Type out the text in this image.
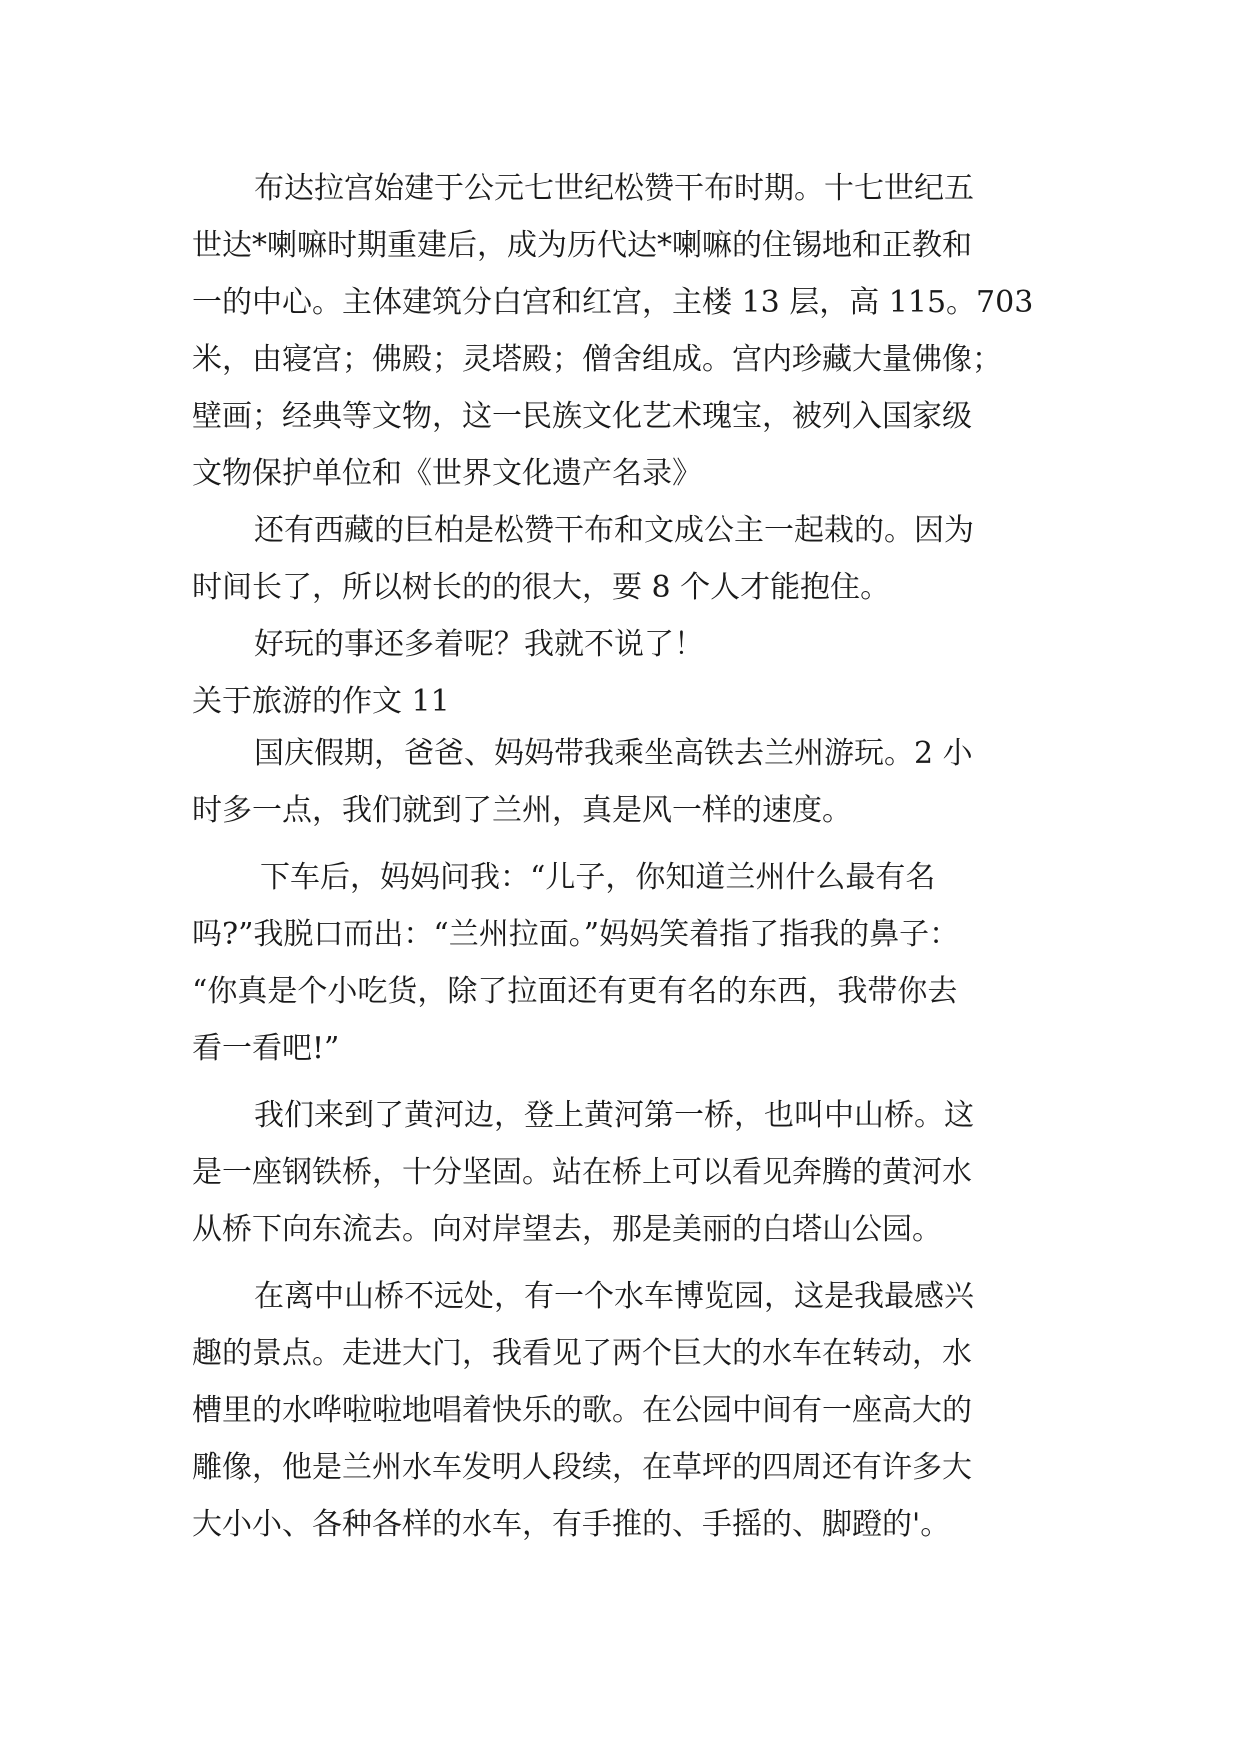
布达拉宫始建于公元七世纪松赞干布时期。十七世纪五
世达*喇嘛时期重建后，成为历代达*喇嘛的住锡地和正教和
一的中心。主体建筑分白宫和红宫，主楼 13 层，高 115。703
米，由寝宫；佛殿；灵塔殿；僧舍组成。宫内珍藏大量佛像；
壁画；经典等文物，这一民族文化艺术瑰宝，被列入国家级
文物保护单位和《世界文化遗产名录》
还有西藏的巨柏是松赞干布和文成公主一起栽的。因为
时间长了，所以树长的的很大，要 8 个人才能抱住。
好玩的事还多着呢？我就不说了！
关于旅游的作文 11
国庆假期，爸爸、妈妈带我乘坐高铁去兰州游玩。2 小
时多一点，我们就到了兰州，真是风一样的速度。
下车后，妈妈问我：“儿子，你知道兰州什么最有名
吗?”我脱口而出：“兰州拉面。”妈妈笑着指了指我的鼻子：
“你真是个小吃货，除了拉面还有更有名的东西，我带你去
看一看吧!”
我们来到了黄河边，登上黄河第一桥，也叫中山桥。这
是一座钢铁桥，十分坚固。站在桥上可以看见奔腾的黄河水
从桥下向东流去。向对岸望去，那是美丽的白塔山公园。
在离中山桥不远处，有一个水车博览园，这是我最感兴
趣的景点。走进大门，我看见了两个巨大的水车在转动，水
槽里的水哗啦啦地唱着快乐的歌。在公园中间有一座高大的
雕像，他是兰州水车发明人段续，在草坪的四周还有许多大
大小小、各种各样的水车，有手推的、手摇的、脚蹬的'。
